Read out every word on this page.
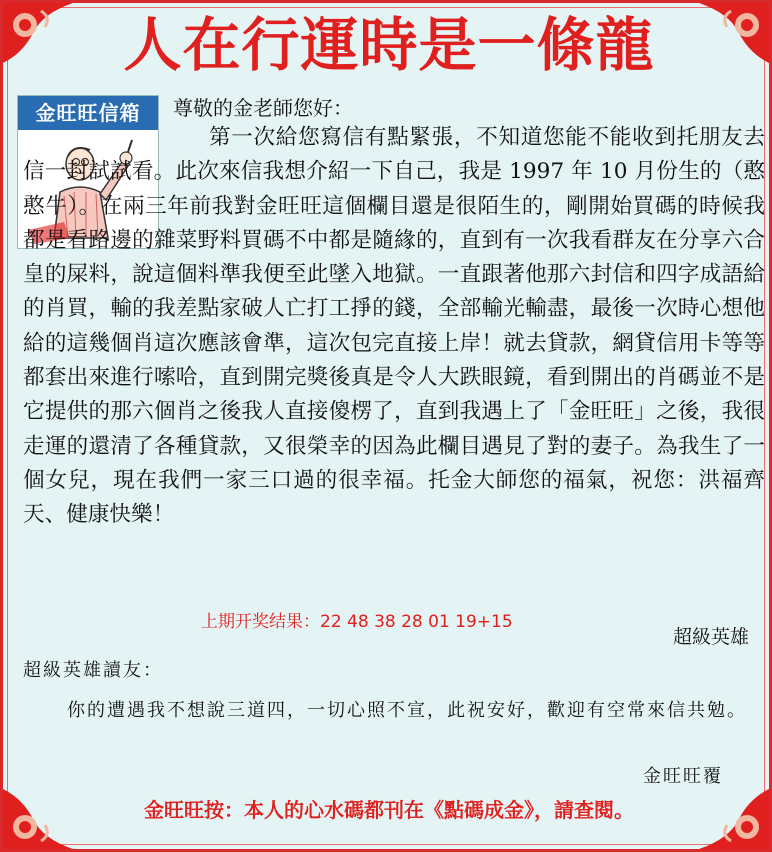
人在行運時是一條龍
金旺旺信箱	尊敬的金老師您好：
第一次給您寫信有點緊張，不知道您能不能收到托朋友去信一封試試看。此次來信我想介紹一下自己，我是 1997 年 10 月份生的（憨憨牛）。在兩三年前我對金旺旺這個欄目還是很陌生的，剛開始買碼的時候我都是看路邊的雜菜野料買碼不中都是隨緣的，直到有一次我看群友在分享六合皇的屎料，說這個料準我便至此墜入地獄。一直跟著他那六封信和四字成語給的肖買，輸的我差點家破人亡打工掙的錢，全部輸光輸盡，最後一次時心想他給的這幾個肖這次應該會準，這次包完直接上岸！就去貸款，網貸信用卡等等都套出來進行嗦哈，直到開完獎後真是令人大跌眼鏡，看到開出的肖碼並不是它提供的那六個肖之後我人直接傻楞了，直到我遇上了「金旺旺」之後，我很走運的還清了各種貸款，又很榮幸的因為此欄目遇見了對的妻子。為我生了一個女兒，現在我們一家三口過的很幸福。托金大師您的福氣，祝您：洪福齊天、健康快樂！
上期开奖结果：22 48 38 28 01 19+15
超級英雄
超級英雄讀友：
你的遭遇我不想說三道四，一切心照不宣，此祝安好，歡迎有空常來信共勉。
金旺旺覆
金旺旺按：本人的心水碼都刊在《點碼成金》，請查閱。
